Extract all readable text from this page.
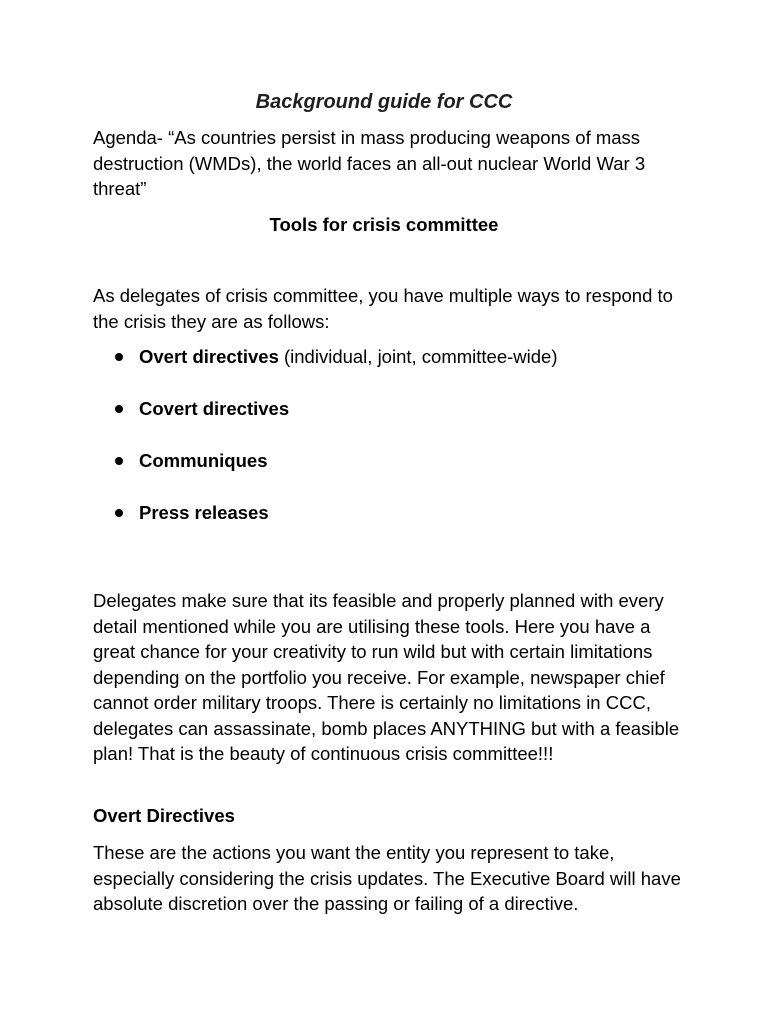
Background guide for CCC
Agenda- “As countries persist in mass producing weapons of mass destruction (WMDs), the world faces an all-out nuclear World War 3 threat”
Tools for crisis committee
As delegates of crisis committee, you have multiple ways to respond to the crisis they are as follows:
Overt directives (individual, joint, committee-wide)
Covert directives
Communiques
Press releases
Delegates make sure that its feasible and properly planned with every detail mentioned while you are utilising these tools. Here you have a great chance for your creativity to run wild but with certain limitations depending on the portfolio you receive. For example, newspaper chief cannot order military troops. There is certainly no limitations in CCC, delegates can assassinate, bomb places ANYTHING but with a feasible plan! That is the beauty of continuous crisis committee!!!
Overt Directives
These are the actions you want the entity you represent to take, especially considering the crisis updates. The Executive Board will have absolute discretion over the passing or failing of a directive.
